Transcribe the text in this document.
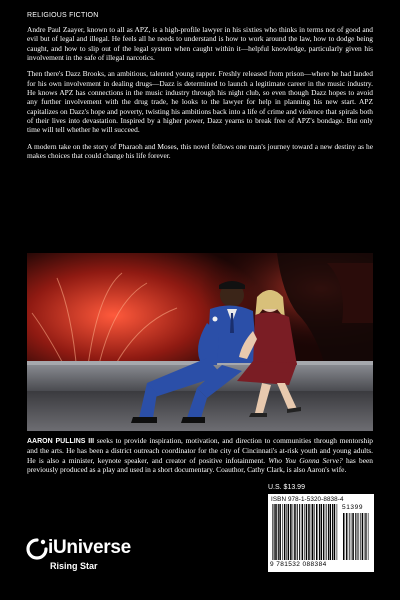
RELIGIOUS FICTION

Andre Paul Zaayer, known to all as APZ, is a high-profile lawyer in his sixties who thinks in terms not of good and evil but of legal and illegal. He feels all he needs to understand is how to work around the law, how to dodge being caught, and how to slip out of the legal system when caught within it—helpful knowledge, particularly given his involvement in the safe of illegal narcotics.

Then there's Dazz Brooks, an ambitious, talented young rapper. Freshly released from prison—where he had landed for his own involvement in dealing drugs—Dazz is determined to launch a legitimate career in the music industry. He knows APZ has connections in the music industry through his night club, so even though Dazz hopes to avoid any further involvement with the drug trade, he looks to the lawyer for help in planning his new start. APZ capitalizes on Dazz's hope and poverty, twisting his ambitions back into a life of crime and violence that spirals both of their lives into devastation. Inspired by a higher power, Dazz yearns to break free of APZ's bondage. But only time will tell whether he will succeed.

A modern take on the story of Pharaoh and Moses, this novel follows one man's journey toward a new destiny as he makes choices that could change his life forever.

AARON PULLINS III seeks to provide inspiration, motivation, and direction to communities through mentorship and the arts. He has been a district outreach coordinator for the city of Cincinnati's at-risk youth and young adults. He is also a minister, keynote speaker, and creator of positive infotainment. Who You Gonna Serve? has been previously produced as a play and used in a short documentary. Coauthor, Cathy Clark, is also Aaron's wife.
U.S. $13.99
ISBN 978-1-5320-8838-4
51399
9 781532 088384
iUniverse
Rising Star
